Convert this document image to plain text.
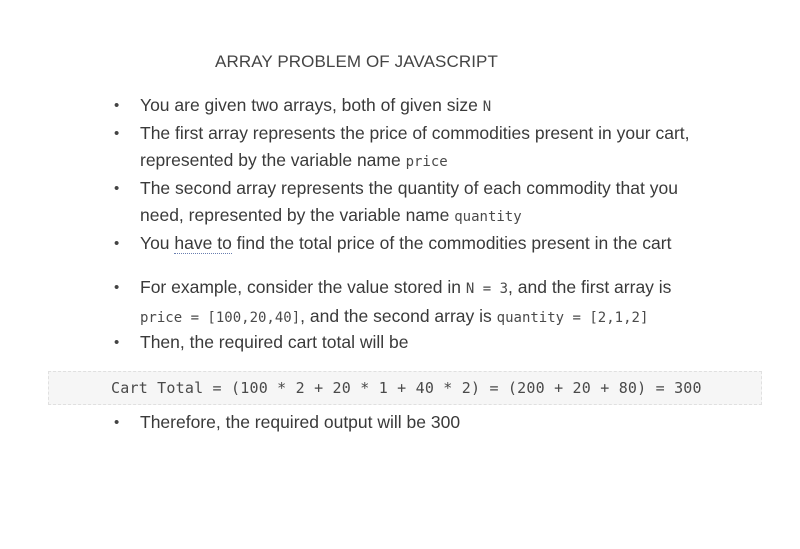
ARRAY PROBLEM OF JAVASCRIPT
• You are given two arrays, both of given size N
• The first array represents the price of commodities present in your cart,
represented by the variable name price
• The second array represents the quantity of each commodity that you
need, represented by the variable name quantity
• You have to find the total price of the commodities present in the cart
• For example, consider the value stored in N = 3, and the first array is
price = [100,20,40], and the second array is quantity = [2,1,2]
• Then, the required cart total will be
• Therefore, the required output will be 300
Cart Total = (100 * 2 + 20 * 1 + 40 * 2) = (200 + 20 + 80) = 300
